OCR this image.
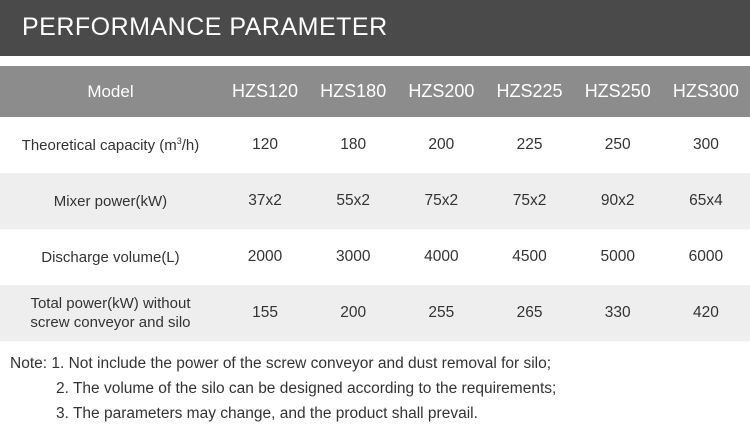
PERFORMANCE PARAMETER
Model	HZS120	HZS180	HZS200	HZS225	HZS250	HZS300
Theoretical capacity $(m^3/h)$	120	180	200	225	250	300
Mixer power(kW)	37x2	55x2	75x2	75x2	90x2	65x4
Discharge volume(L)	2000	3000	4000	4500	5000	6000

Total power(kW) without
screw conveyor and silo	155	200	255	265	330	420
Note: 1. Not include the power of the screw conveyor and dust removal for silo;
2. The volume of the silo can be designed according to the requirements;
3. The parameters may change, and the product shall prevail.
